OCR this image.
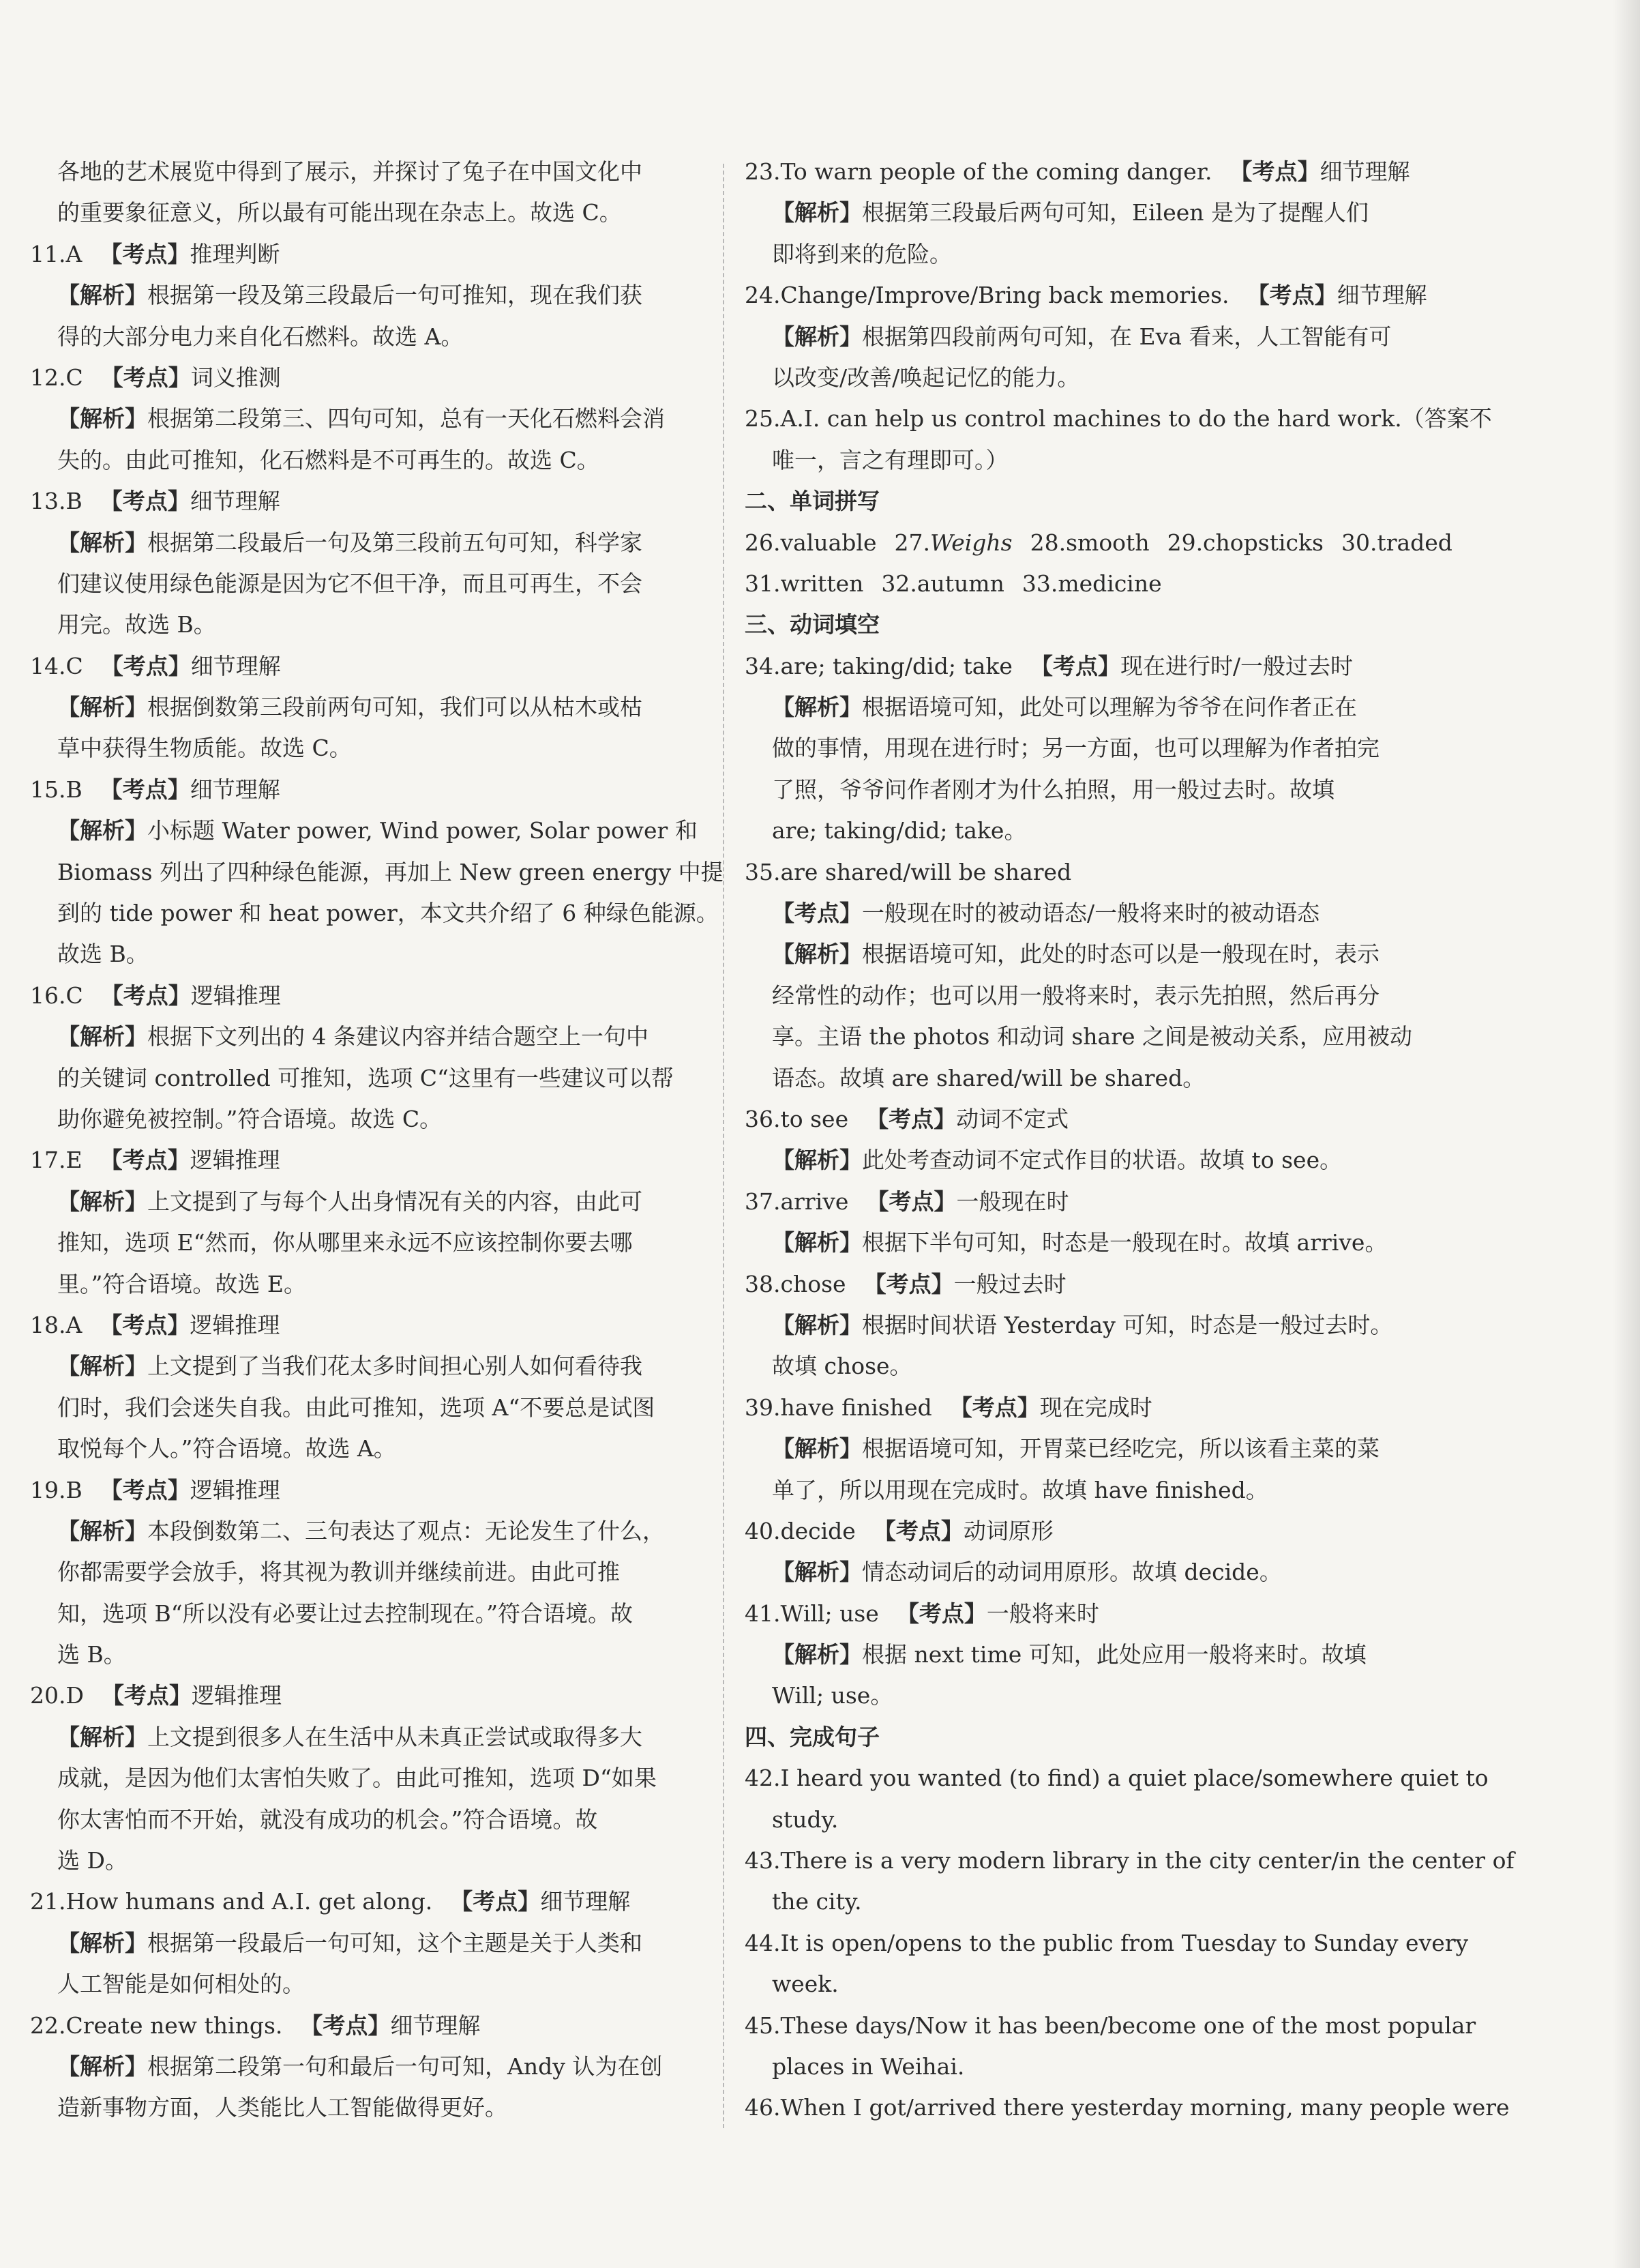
各地的艺术展览中得到了展示，并探讨了兔子在中国文化中
的重要象征意义，所以最有可能出现在杂志上。故选 C。
11.A 【考点】推理判断
【解析】根据第一段及第三段最后一句可推知，现在我们获
得的大部分电力来自化石燃料。故选 A。
12.C 【考点】词义推测
【解析】根据第二段第三、四句可知，总有一天化石燃料会消
失的。由此可推知，化石燃料是不可再生的。故选 C。
13.B 【考点】细节理解
【解析】根据第二段最后一句及第三段前五句可知，科学家
们建议使用绿色能源是因为它不但干净，而且可再生，不会
用完。故选 B。
14.C 【考点】细节理解
【解析】根据倒数第三段前两句可知，我们可以从枯木或枯
草中获得生物质能。故选 C。
15.B 【考点】细节理解
【解析】小标题 Water power, Wind power, Solar power 和
Biomass 列出了四种绿色能源，再加上 New green energy 中提
到的 tide power 和 heat power，本文共介绍了 6 种绿色能源。
故选 B。
16.C 【考点】逻辑推理
【解析】根据下文列出的 4 条建议内容并结合题空上一句中
的关键词 controlled 可推知，选项 C“这里有一些建议可以帮
助你避免被控制。”符合语境。故选 C。
17.E 【考点】逻辑推理
【解析】上文提到了与每个人出身情况有关的内容，由此可
推知，选项 E“然而，你从哪里来永远不应该控制你要去哪
里。”符合语境。故选 E。
18.A 【考点】逻辑推理
【解析】上文提到了当我们花太多时间担心别人如何看待我
们时，我们会迷失自我。由此可推知，选项 A“不要总是试图
取悦每个人。”符合语境。故选 A。
19.B 【考点】逻辑推理
【解析】本段倒数第二、三句表达了观点：无论发生了什么，
你都需要学会放手，将其视为教训并继续前进。由此可推
知，选项 B“所以没有必要让过去控制现在。”符合语境。故
选 B。
20.D 【考点】逻辑推理
【解析】上文提到很多人在生活中从未真正尝试或取得多大
成就，是因为他们太害怕失败了。由此可推知，选项 D“如果
你太害怕而不开始，就没有成功的机会。”符合语境。故
选 D。
21.How humans and A.I. get along. 【考点】细节理解
【解析】根据第一段最后一句可知，这个主题是关于人类和
人工智能是如何相处的。
22.Create new things. 【考点】细节理解
【解析】根据第二段第一句和最后一句可知，Andy 认为在创
造新事物方面，人类能比人工智能做得更好。
23.To warn people of the coming danger. 【考点】细节理解
【解析】根据第三段最后两句可知，Eileen 是为了提醒人们
即将到来的危险。
24.Change/Improve/Bring back memories. 【考点】细节理解
【解析】根据第四段前两句可知，在 Eva 看来，人工智能有可
以改变/改善/唤起记忆的能力。
25.A.I. can help us control machines to do the hard work.（答案不
唯一，言之有理即可。）
二、单词拼写
26.valuable 27.Weighs 28.smooth 29.chopsticks 30.traded
31.written 32.autumn 33.medicine
三、动词填空
34.are; taking/did; take 【考点】现在进行时/一般过去时
【解析】根据语境可知，此处可以理解为爷爷在问作者正在
做的事情，用现在进行时；另一方面，也可以理解为作者拍完
了照，爷爷问作者刚才为什么拍照，用一般过去时。故填
are; taking/did; take。
35.are shared/will be shared
【考点】一般现在时的被动语态/一般将来时的被动语态
【解析】根据语境可知，此处的时态可以是一般现在时，表示
经常性的动作；也可以用一般将来时，表示先拍照，然后再分
享。主语 the photos 和动词 share 之间是被动关系，应用被动
语态。故填 are shared/will be shared。
36.to see 【考点】动词不定式
【解析】此处考查动词不定式作目的状语。故填 to see。
37.arrive 【考点】一般现在时
【解析】根据下半句可知，时态是一般现在时。故填 arrive。
38.chose 【考点】一般过去时
【解析】根据时间状语 Yesterday 可知，时态是一般过去时。
故填 chose。
39.have finished 【考点】现在完成时
【解析】根据语境可知，开胃菜已经吃完，所以该看主菜的菜
单了，所以用现在完成时。故填 have finished。
40.decide 【考点】动词原形
【解析】情态动词后的动词用原形。故填 decide。
41.Will; use 【考点】一般将来时
【解析】根据 next time 可知，此处应用一般将来时。故填
Will; use。
四、完成句子
42.I heard you wanted (to find) a quiet place/somewhere quiet to
study.
43.There is a very modern library in the city center/in the center of
the city.
44.It is open/opens to the public from Tuesday to Sunday every
week.
45.These days/Now it has been/become one of the most popular
places in Weihai.
46.When I got/arrived there yesterday morning, many people were
